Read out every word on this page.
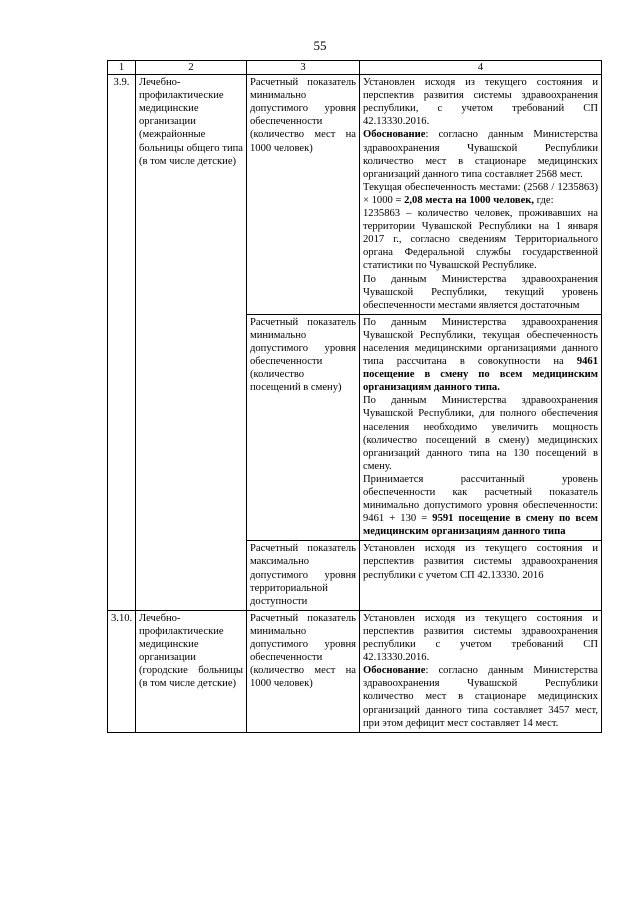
55
1	2	3	4
3.9.	Лечебно-профилактические медицинские организации (межрайонные больницы общего типа (в том числе детские)	Расчетный показатель минимально допустимого уровня обеспеченности (количество мест на 1000 человек)	Установлен исходя из текущего состояния и перспектив развития системы здравоохранения республики, с учетом требований СП 42.13330.2016.

Обоснование: согласно данным Министерства здравоохранения Чувашской Республики количество мест в стационаре медицинских организаций данного типа составляет 2568 мест.

Текущая обеспеченность местами: (2568 / 1235863) × 1000 = 2,08 места на 1000 человек, где:

1235863 – количество человек, проживавших на территории Чувашской Республики на 1 января 2017 г., согласно сведениям Территориального органа Федеральной службы государственной статистики по Чувашской Республике.

По данным Министерства здравоохранения Чувашской Республики, текущий уровень обеспеченности местами является достаточным

		Расчетный показатель минимально допустимого уровня обеспеченности (количество посещений в смену)	По данным Министерства здравоохранения Чувашской Республики, текущая обеспеченность населения медицинскими организациями данного типа рассчитана в совокупности на 9461 посещение в смену по всем медицинским организациям данного типа.

По данным Министерства здравоохранения Чувашской Республики, для полного обеспечения населения необходимо увеличить мощность (количество посещений в смену) медицинских организаций данного типа на 130 посещений в смену.

Принимается рассчитанный уровень обеспеченности как расчетный показатель минимально допустимого уровня обеспеченности: 9461 + 130 = 9591 посещение в смену по всем медицинским организациям данного типа

		Расчетный показатель максимально допустимого уровня территориальной доступности	Установлен исходя из текущего состояния и перспектив развития системы здравоохранения республики с учетом СП 42.13330. 2016

3.10.	Лечебно-профилактические медицинские организации (городские больницы (в том числе детские)	Расчетный показатель минимально допустимого уровня обеспеченности (количество мест на 1000 человек)	Установлен исходя из текущего состояния и перспектив развития системы здравоохранения республики с учетом требований СП 42.13330.2016.

Обоснование: согласно данным Министерства здравоохранения Чувашской Республики количество мест в стационаре медицинских организаций данного типа составляет 3457 мест, при этом дефицит мест составляет 14 мест.
